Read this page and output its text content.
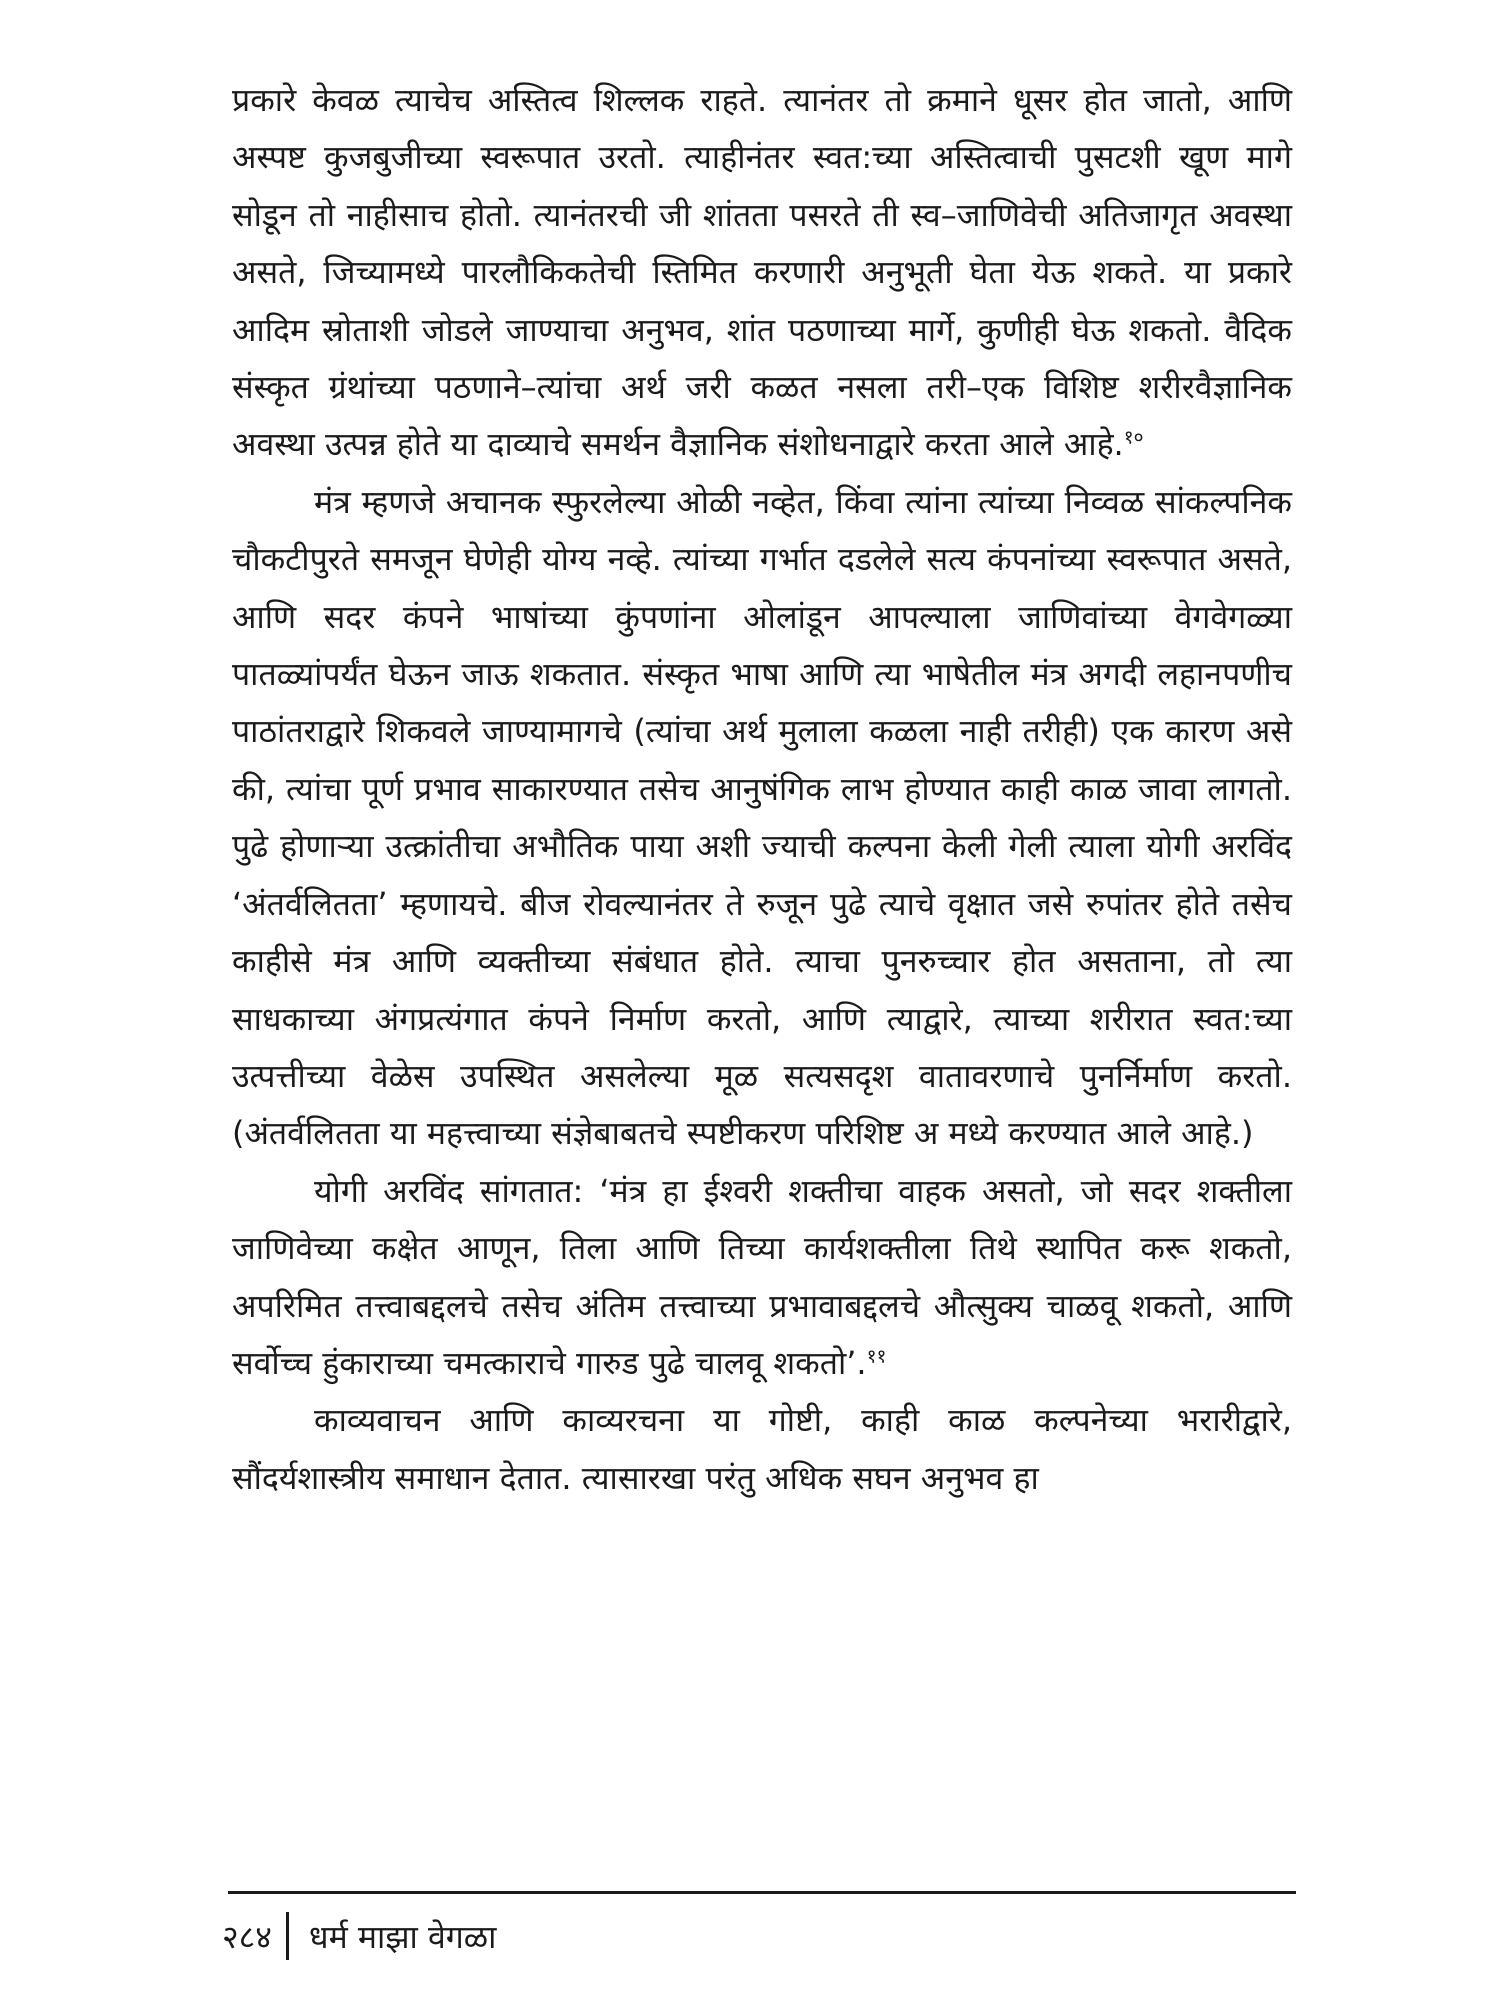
प्रकारे केवळ त्याचेच अस्तित्व शिल्लक राहते. त्यानंतर तो क्रमाने धूसर होत जातो, आणि अस्पष्ट कुजबुजीच्या स्वरूपात उरतो. त्याहीनंतर स्वत:च्या अस्तित्वाची पुसटशी खूण मागे सोडून तो नाहीसाच होतो. त्यानंतरची जी शांतता पसरते ती स्व–जाणिवेची अतिजागृत अवस्था असते, जिच्यामध्ये पारलौकिकतेची स्तिमित करणारी अनुभूती घेता येऊ शकते. या प्रकारे आदिम स्रोताशी जोडले जाण्याचा अनुभव, शांत पठणाच्या मार्गे, कुणीही घेऊ शकतो. वैदिक संस्कृत ग्रंथांच्या पठणाने–त्यांचा अर्थ जरी कळत नसला तरी–एक विशिष्ट शरीरवैज्ञानिक अवस्था उत्पन्न होते या दाव्याचे समर्थन वैज्ञानिक संशोधनाद्वारे करता आले आहे.$^{१०}$

मंत्र म्हणजे अचानक स्फुरलेल्या ओळी नव्हेत, किंवा त्यांना त्यांच्या निव्वळ सांकल्पनिक चौकटीपुरते समजून घेणेही योग्य नव्हे. त्यांच्या गर्भात दडलेले सत्य कंपनांच्या स्वरूपात असते, आणि सदर कंपने भाषांच्या कुंपणांना ओलांडून आपल्याला जाणिवांच्या वेगवेगळ्या पातळ्यांपर्यंत घेऊन जाऊ शकतात. संस्कृत भाषा आणि त्या भाषेतील मंत्र अगदी लहानपणीच पाठांतराद्वारे शिकवले जाण्यामागचे (त्यांचा अर्थ मुलाला कळला नाही तरीही) एक कारण असे की, त्यांचा पूर्ण प्रभाव साकारण्यात तसेच आनुषंगिक लाभ होण्यात काही काळ जावा लागतो. पुढे होणाऱ्या उत्क्रांतीचा अभौतिक पाया अशी ज्याची कल्पना केली गेली त्याला योगी अरविंद ‘अंतर्वलितता’ म्हणायचे. बीज रोवल्यानंतर ते रुजून पुढे त्याचे वृक्षात जसे रुपांतर होते तसेच काहीसे मंत्र आणि व्यक्तीच्या संबंधात होते. त्याचा पुनरुच्चार होत असताना, तो त्या साधकाच्या अंगप्रत्यंगात कंपने निर्माण करतो, आणि त्याद्वारे, त्याच्या शरीरात स्वत:च्या उत्पत्तीच्या वेळेस उपस्थित असलेल्या मूळ सत्यसदृश वातावरणाचे पुनर्निर्माण करतो. (अंतर्वलितता या महत्त्वाच्या संज्ञेबाबतचे स्पष्टीकरण परिशिष्ट अ मध्ये करण्यात आले आहे.)

योगी अरविंद सांगतात: ‘मंत्र हा ईश्वरी शक्तीचा वाहक असतो, जो सदर शक्तीला जाणिवेच्या कक्षेत आणून, तिला आणि तिच्या कार्यशक्तीला तिथे स्थापित करू शकतो, अपरिमित तत्त्वाबद्दलचे तसेच अंतिम तत्त्वाच्या प्रभावाबद्दलचे औत्सुक्य चाळवू शकतो, आणि सर्वोच्च हुंकाराच्या चमत्काराचे गारुड पुढे चालवू शकतो’.$^{११}$

काव्यवाचन आणि काव्यरचना या गोष्टी, काही काळ कल्पनेच्या भरारीद्वारे, सौंदर्यशास्त्रीय समाधान देतात. त्यासारखा परंतु अधिक सघन अनुभव हा

२८४ धर्म माझा वेगळा
